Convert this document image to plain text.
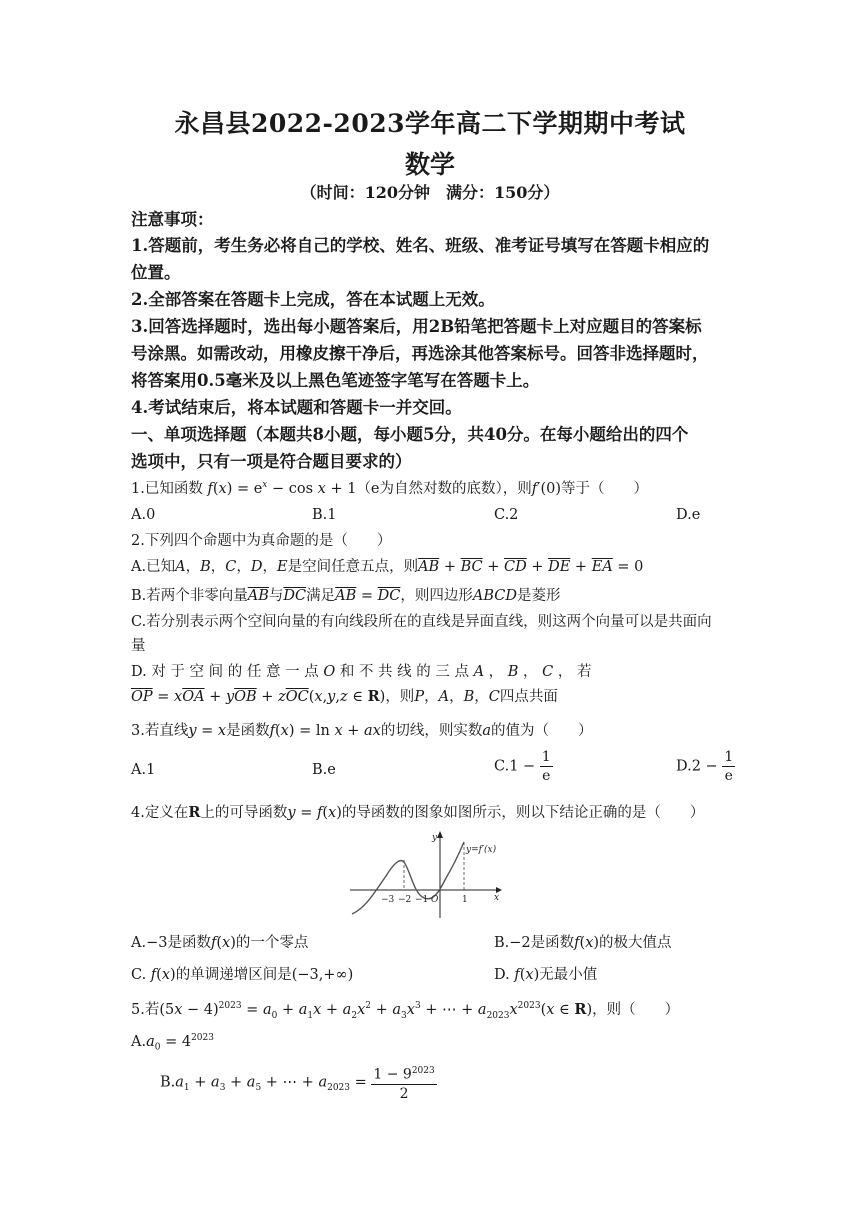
永昌县2022-2023学年高二下学期期中考试
数学
（时间：120分钟　满分：150分）
注意事项：
1.答题前，考生务必将自己的学校、姓名、班级、准考证号填写在答题卡相应的
位置。
2.全部答案在答题卡上完成，答在本试题上无效。
3.回答选择题时，选出每小题答案后，用2B铅笔把答题卡上对应题目的答案标
号涂黑。如需改动，用橡皮擦干净后，再选涂其他答案标号。回答非选择题时，
将答案用0.5毫米及以上黑色笔迹签字笔写在答题卡上。
4.考试结束后，将本试题和答题卡一并交回。
一、单项选择题（本题共8小题，每小题5分，共40分。在每小题给出的四个
选项中，只有一项是符合题目要求的）
1.已知函数 $f(x) = e^x - \cos x + 1(e$为自然对数的底数），则f′(0)等于（　　）
A.0	B.1	C.2	D.e
2.下列四个命题中为真命题的是（　　）
A.已知A，B，C，D，E是空间任意五点，则$\overline{AB} + \overline{BC} + \overline{CD} + \overline{DE} + \overline{EA} = 0$
B.若两个非零向量$\overline{AB}$与$\overline{DC}$满足$\overline{AB} = \overline{DC}$，则四边形ABCD是菱形
C.若分别表示两个空间向量的有向线段所在的直线是异面直线，则这两个向量可以是共面向
量
D. 对 于 空 间 的 任 意 一 点 O 和 不 共 线 的 三 点 A ， B ， C ， 若
$\overline{OP} = x\overline{OA} + y\overline{OB} + z\overline{OC}(x,y,z$ ∈ R)，则P，A，B，C四点共面
3.若直线y = x是函数f(x) = ln x + ax的切线，则实数a的值为（　　）
A.1	B.e	$C.1 - \frac{1}{e}$	$D.2 - \frac{1}{e}$
4.定义在R上的可导函数y = f(x)的导函数的图象如图所示，则以下结论正确的是（　　）
y=f′(x)
−3 −2 −1 O	1	x
y
A.−3是函数f(x)的一个零点	B.−2是函数f(x)的极大值点
C. f(x)的单调递增区间是(−3,+∞)	D. f(x)无最小值
5.若$(5x - 4)^{2023} = a_0 + a_1x + a_2x^2 + a_3x^3$ + ⋯ + $a_{2023}x^{2023}(x$ ∈ R)，则（　　）
$A.a_0 = 4^{2023}$
$B.a_1 + a_3 + a_5$ + ⋯ + $a_{2023} = \frac{1 - 9^{2023}}{2}$
